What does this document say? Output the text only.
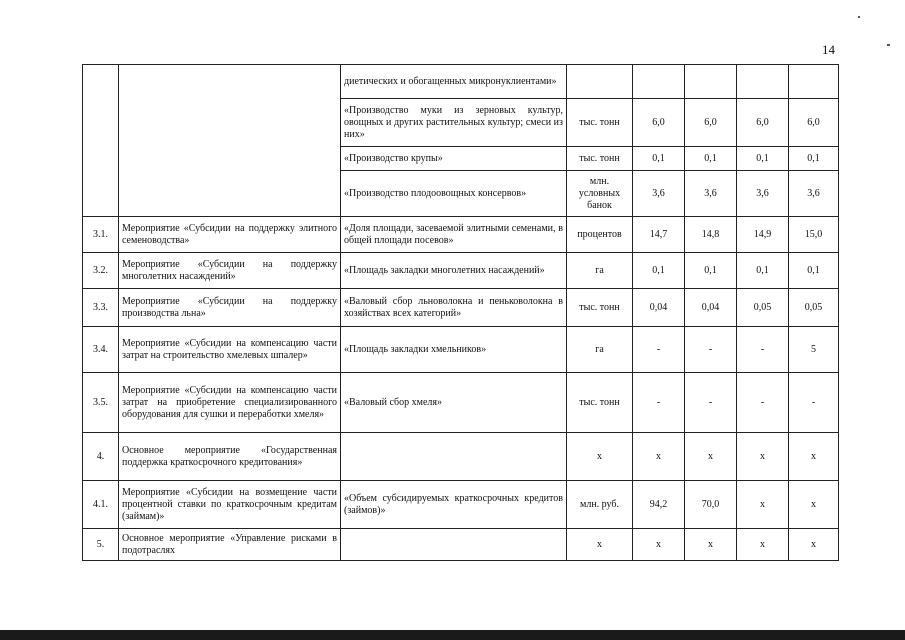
14
		диетических и обогащенных микронуклиентами»					
		«Производство муки из зерновых культур, овощных и других растительных культур; смеси из них»	тыс. тонн	6,0	6,0	6,0	6,0
		«Производство крупы»	тыс. тонн	0,1	0,1	0,1	0,1
		«Производство плодоовощных консервов»	млн. условных банок	3,6	3,6	3,6	3,6
3.1.	Мероприятие «Субсидии на поддержку элитного семеноводства»	«Доля площади, засеваемой элитными семенами, в общей площади посевов»	процентов	14,7	14,8	14,9	15,0
3.2.	Мероприятие «Субсидии на поддержку многолетних насаждений»	«Площадь закладки многолетних насаждений»	га	0,1	0,1	0,1	0,1
3.3.	Мероприятие «Субсидии на поддержку производства льна»	«Валовый сбор льноволокна и пеньковолокна в хозяйствах всех категорий»	тыс. тонн	0,04	0,04	0,05	0,05
3.4.	Мероприятие «Субсидии на компенсацию части затрат на строительство хмелевых шпалер»	«Площадь закладки хмельников»	га	-	-	-	5
3.5.	Мероприятие «Субсидии на компенсацию части затрат на приобретение специализированного оборудования для сушки и переработки хмеля»	«Валовый сбор хмеля»	тыс. тонн	-	-	-	-
4.	Основное мероприятие «Государственная поддержка краткосрочного кредитования»		х	х	х	х	х
4.1.	Мероприятие «Субсидии на возмещение части процентной ставки по краткосрочным кредитам (займам)»	«Объем субсидируемых краткосрочных кредитов (займов)»	млн. руб.	94,2	70,0	х	х
5.	Основное мероприятие «Управление рисками в подотраслях		х	х	х	х	х
